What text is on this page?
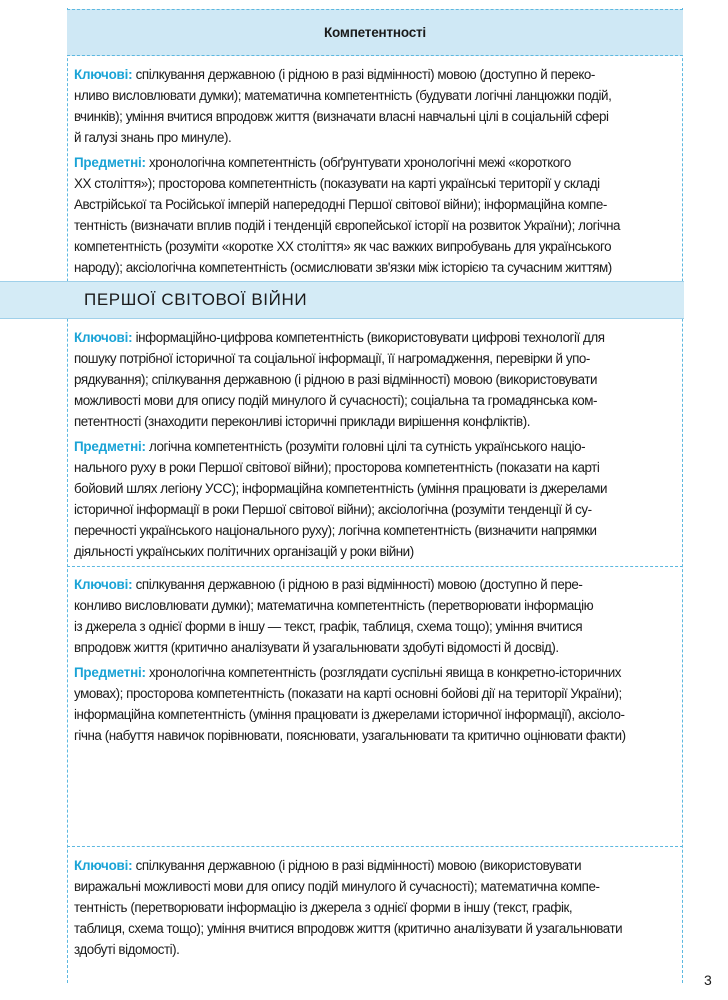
Компетентності
Ключові: спілкування державною (і рідною в разі відмінності) мовою (доступно й переко-
нливо висловлювати думки); математична компетентність (будувати логічні ланцюжки подій,
вчинків); уміння вчитися впродовж життя (визначати власні навчальні цілі в соціальній сфері
й галузі знань про минуле).
Предметні: хронологічна компетентність (обґрунтувати хронологічні межі «короткого
ХХ століття»); просторова компетентність (показувати на карті українські території у складі
Австрійської та Російської імперій напередодні Першої світової війни); інформаційна компе-
тентність (визначати вплив подій і тенденцій європейської історії на розвиток України); логічна
компетентність (розуміти «коротке ХХ століття» як час важких випробувань для українського
народу); аксіологічна компетентність (осмислювати зв'язки між історією та сучасним життям)
ПЕРШОЇ СВІТОВОЇ ВІЙНИ
Ключові: інформаційно-цифрова компетентність (використовувати цифрові технології для
пошуку потрібної історичної та соціальної інформації, її нагромадження, перевірки й упо-
рядкування); спілкування державною (і рідною в разі відмінності) мовою (використовувати
можливості мови для опису подій минулого й сучасності); соціальна та громадянська ком-
петентності (знаходити переконливі історичні приклади вирішення конфліктів).
Предметні: логічна компетентність (розуміти головні цілі та сутність українського націо-
нального руху в роки Першої світової війни); просторова компетентність (показати на карті
бойовий шлях легіону УСС); інформаційна компетентність (уміння працювати із джерелами
історичної інформації в роки Першої світової війни); аксіологічна (розуміти тенденції й су-
перечності українського національного руху); логічна компетентність (визначити напрямки
діяльності українських політичних організацій у роки війни)
Ключові: спілкування державною (і рідною в разі відмінності) мовою (доступно й пере-
конливо висловлювати думки); математична компетентність (перетворювати інформацію
із джерела з однієї форми в іншу — текст, графік, таблиця, схема тощо); уміння вчитися
впродовж життя (критично аналізувати й узагальнювати здобуті відомості й досвід).
Предметні: хронологічна компетентність (розглядати суспільні явища в конкретно-історичних
умовах); просторова компетентність (показати на карті основні бойові дії на території України);
інформаційна компетентність (уміння працювати із джерелами історичної інформації), аксіоло-
гічна (набуття навичок порівнювати, пояснювати, узагальнювати та критично оцінювати факти)
Ключові: спілкування державною (і рідною в разі відмінності) мовою (використовувати
виражальні можливості мови для опису подій минулого й сучасності); математична компе-
тентність (перетворювати інформацію із джерела з однієї форми в іншу (текст, графік,
таблиця, схема тощо); уміння вчитися впродовж життя (критично аналізувати й узагальнювати
здобуті відомості).
3
